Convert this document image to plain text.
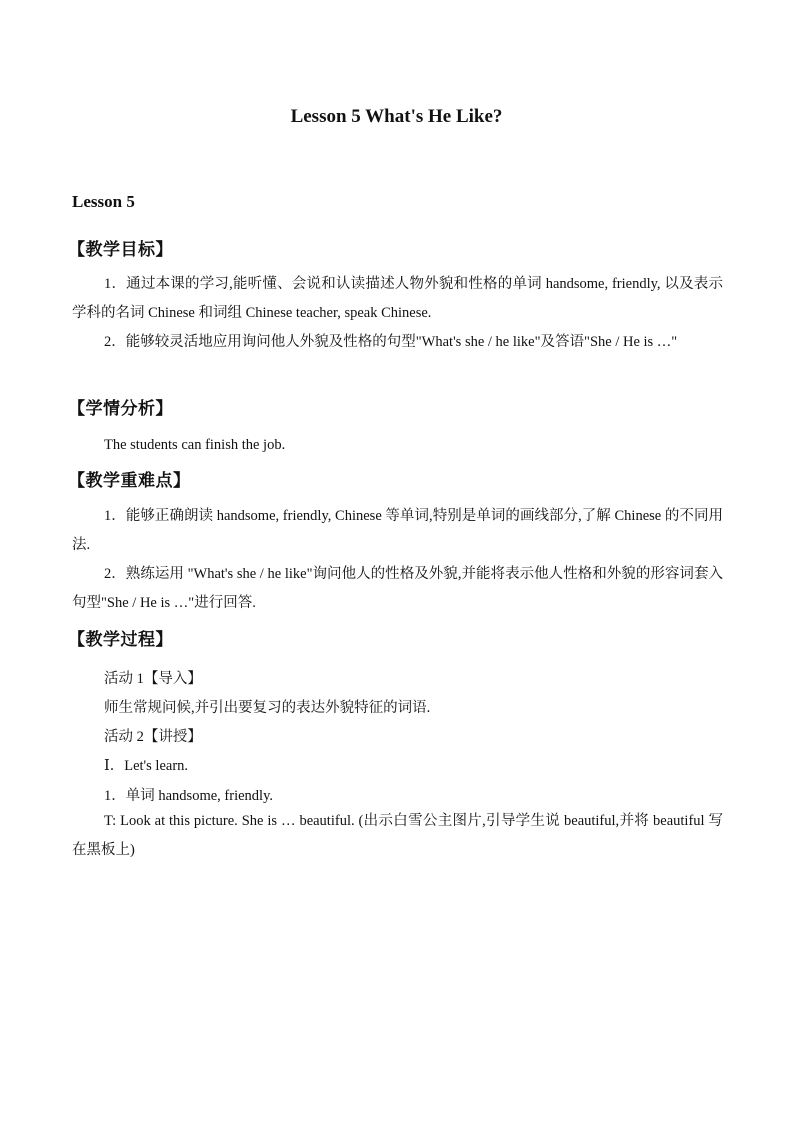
Lesson 5 What's He Like?
Lesson 5
【教学目标】
1．通过本课的学习,能听懂、会说和认读描述人物外貌和性格的单词 handsome, friendly, 以及表示学科的名词 Chinese 和词组 Chinese teacher, speak Chinese.
2．能够较灵活地应用询问他人外貌及性格的句型"What's she / he like"及答语"She / He is …"
【学情分析】
The students can finish the job.
【教学重难点】
1．能够正确朗读 handsome, friendly, Chinese 等单词,特别是单词的画线部分,了解 Chinese 的不同用法.
2．熟练运用 "What's she / he like"询问他人的性格及外貌,并能将表示他人性格和外貌的形容词套入句型"She / He is …"进行回答.
【教学过程】
活动 1【导入】
师生常规问候,并引出要复习的表达外貌特征的词语.
活动 2【讲授】
Ⅰ．Let's learn.
1．单词 handsome, friendly.
T: Look at this picture. She is … beautiful. (出示白雪公主图片,引导学生说 beautiful,并将 beautiful 写在黑板上)
